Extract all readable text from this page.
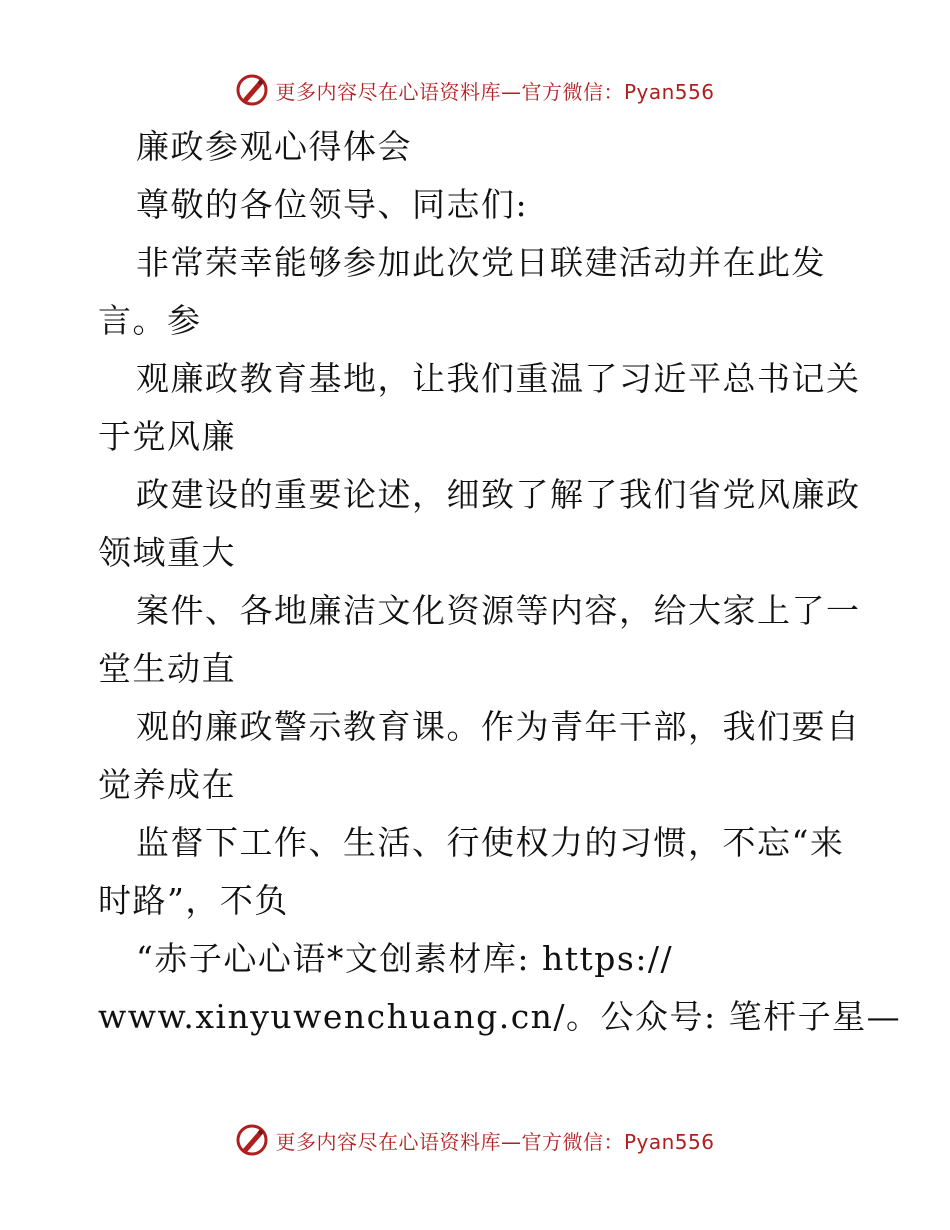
更多内容尽在心语资料库—官方微信：Pyan556
廉政参观心得体会
尊敬的各位领导、同志们:
非常荣幸能够参加此次党日联建活动并在此发
言。参
观廉政教育基地，让我们重温了习近平总书记关
于党风廉
政建设的重要论述，细致了解了我们省党风廉政
领域重大
案件、各地廉洁文化资源等内容，给大家上了一
堂生动直
观的廉政警示教育课。作为青年干部，我们要自
觉养成在
监督下工作、生活、行使权力的习惯，不忘“来
时路”，不负
“赤子心心语*文创素材库: https://
www.xinyuwenchuang.cn/。公众号: 笔杆子星—
更多内容尽在心语资料库—官方微信：Pyan556
